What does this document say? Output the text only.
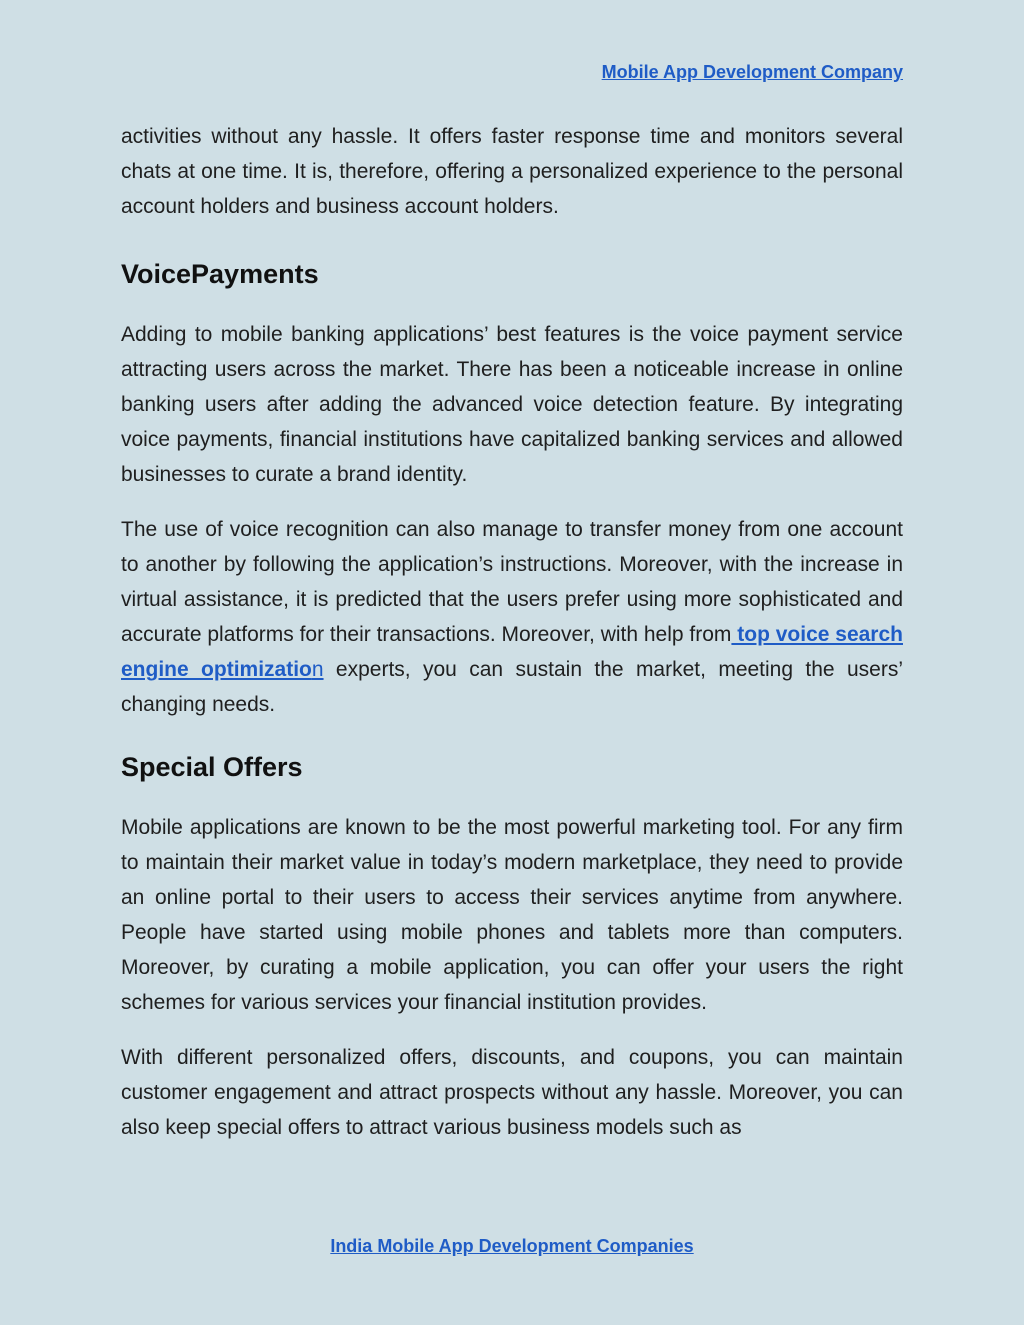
Mobile App Development Company

activities without any hassle. It offers faster response time and monitors several chats at one time. It is, therefore, offering a personalized experience to the personal account holders and business account holders.

VoicePayments

Adding to mobile banking applications’ best features is the voice payment service attracting users across the market. There has been a noticeable increase in online banking users after adding the advanced voice detection feature. By integrating voice payments, financial institutions have capitalized banking services and allowed businesses to curate a brand identity.

The use of voice recognition can also manage to transfer money from one account to another by following the application’s instructions. Moreover, with the increase in virtual assistance, it is predicted that the users prefer using more sophisticated and accurate platforms for their transactions. Moreover, with help from top voice search engine optimization experts, you can sustain the market, meeting the users’ changing needs.

Special Offers

Mobile applications are known to be the most powerful marketing tool. For any firm to maintain their market value in today’s modern marketplace, they need to provide an online portal to their users to access their services anytime from anywhere. People have started using mobile phones and tablets more than computers. Moreover, by curating a mobile application, you can offer your users the right schemes for various services your financial institution provides.

With different personalized offers, discounts, and coupons, you can maintain customer engagement and attract prospects without any hassle. Moreover, you can also keep special offers to attract various business models such as

India Mobile App Development Companies
